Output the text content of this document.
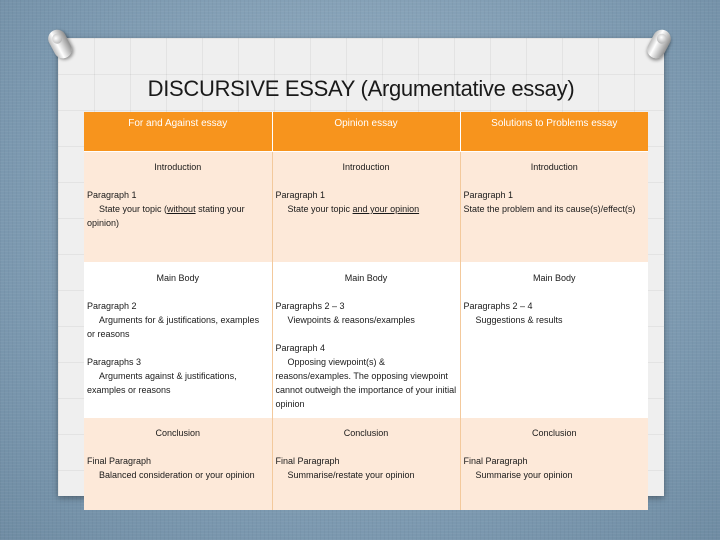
DISCURSIVE ESSAY (Argumentative essay)
For and Against essay	Opinion essay	Solutions to Problems essay

Introduction
Paragraph 1
State your topic (without stating your opinion)	Introduction
Paragraph 1
State your topic and your opinion	Introduction
Paragraph 1
State the problem and its cause(s)/effect(s)

Main Body
Paragraph 2
Arguments for & justifications, examples or reasons
Paragraphs 3
Arguments against & justifications, examples or reasons	Main Body
Paragraphs 2 – 3
Viewpoints & reasons/examples
Paragraph 4
Opposing viewpoint(s) & reasons/examples. The opposing viewpoint cannot outweigh the importance of your initial opinion	Main Body
Paragraphs 2 – 4
Suggestions & results

Conclusion
Final Paragraph
Balanced consideration or your opinion	Conclusion
Final Paragraph
Summarise/restate your opinion	Conclusion
Final Paragraph
Summarise your opinion
